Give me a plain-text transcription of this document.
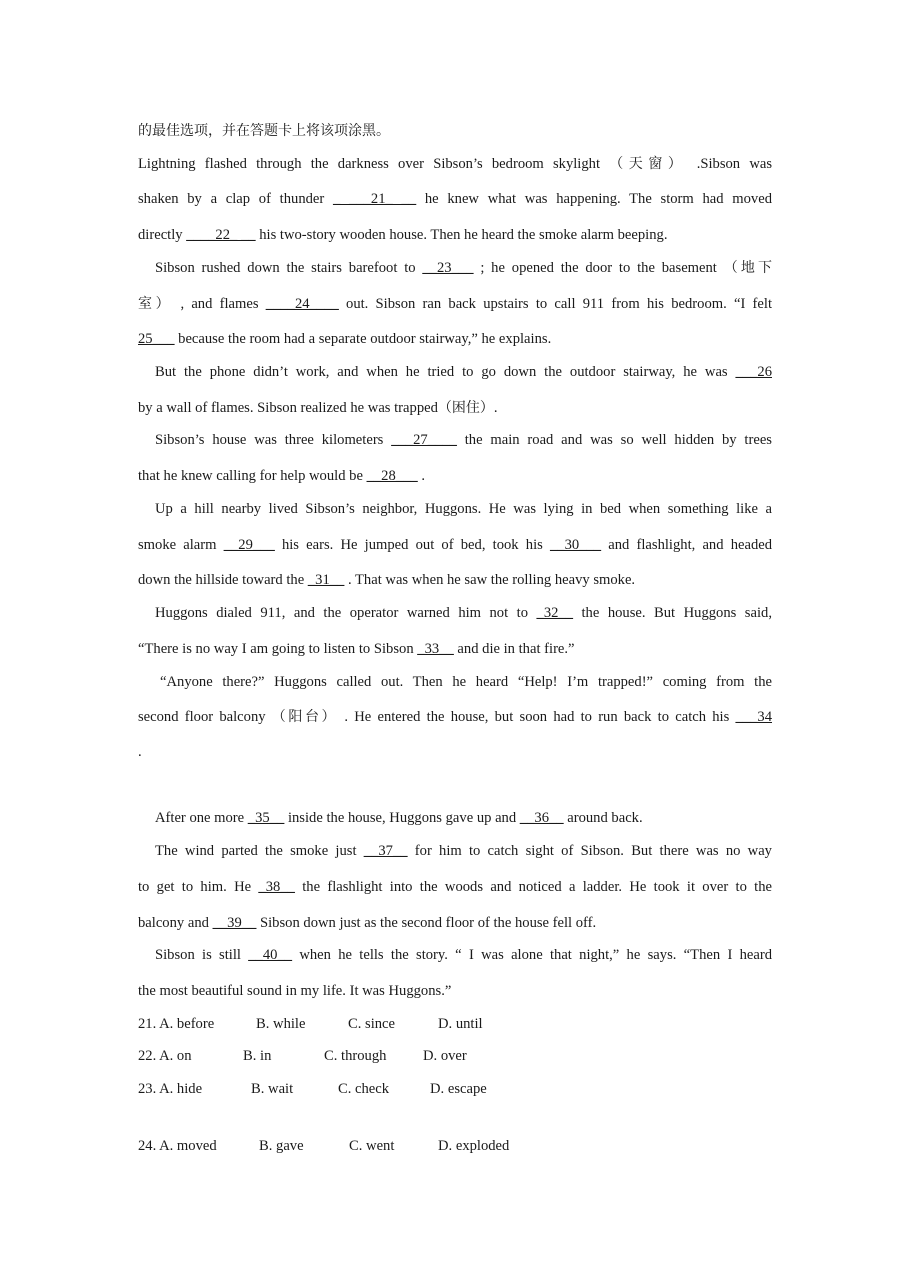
的最佳选项，并在答题卡上将该项涂黑。
Lightning flashed through the darkness over Sibson’s bedroom skylight （天窗） .Sibson was
shaken by a clap of thunder _ ___21_ __ he knew what was happening. The storm had moved
directly ____22_ __ his two-story wooden house. Then he heard the smoke alarm beeping.
Sibson rushed down the stairs barefoot to __23___ ; he opened the door to the basement （地下
室） , and flames ____24____ out. Sibson ran back upstairs to call 911 from his bedroom. “I felt
25___ because the room had a separate outdoor stairway,” he explains.
But the phone didn’t work, and when he tried to go down the outdoor stairway, he was ___26
by a wall of flames. Sibson realized he was trapped（困住）.
Sibson’s house was three kilometers ___27____ the main road and was so well hidden by trees
that he knew calling for help would be __28___ .
Up a hill nearby lived Sibson’s neighbor, Huggons. He was lying in bed when something like a
smoke alarm __29___ his ears. He jumped out of bed, took his __30___ and flashlight, and headed
down the hillside toward the _31__ . That was when he saw the rolling heavy smoke.
Huggons dialed 911, and the operator warned him not to _32__ the house. But Huggons said,
“There is no way I am going to listen to Sibson _33__ and die in that fire.”
“Anyone there?” Huggons called out. Then he heard “Help! I’m trapped!” coming from the
second floor balcony （阳台） . He entered the house, but soon had to run back to catch his ___34
.
After one more _35__ inside the house, Huggons gave up and __36__ around back.
The wind parted the smoke just __37__ for him to catch sight of Sibson. But there was no way
to get to him. He _38__ the flashlight into the woods and noticed a ladder. He took it over to the
balcony and __39__ Sibson down just as the second floor of the house fell off.
Sibson is still __40__ when he tells the story. “ I was alone that night,” he says. “Then I heard
the most beautiful sound in my life. It was Huggons.”
21. A. before	B. while	C. since	D. until
22. A. on	B. in	C. through	D. over
23. A. hide	B. wait	C. check	D. escape
24. A. moved	B. gave	C. went	D. exploded
